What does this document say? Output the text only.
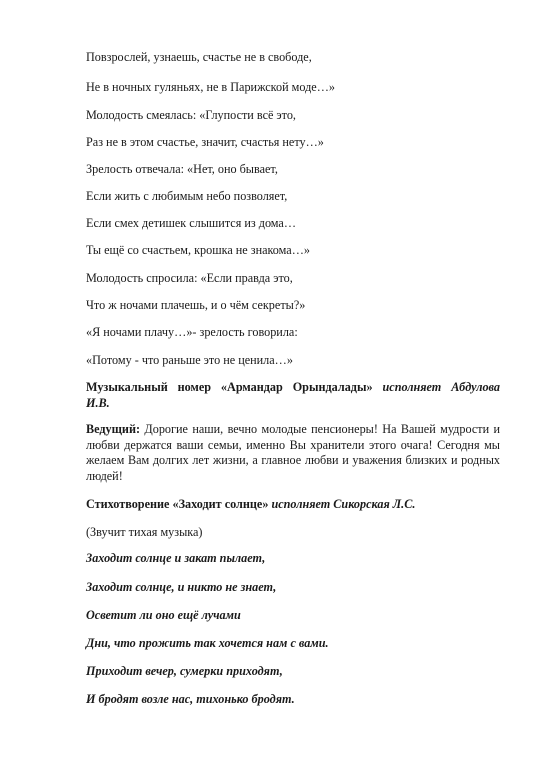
Повзрослей, узнаешь, счастье не в свободе,
Не в ночных гуляньях, не в Парижской моде…»
Молодость смеялась: «Глупости всё это,
Раз не в этом счастье, значит, счастья нету…»
Зрелость отвечала: «Нет, оно бывает,
Если жить с любимым небо позволяет,
Если смех детишек слышится из дома…
Ты ещё со счастьем, крошка не знакома…»
Молодость спросила: «Если правда это,
Что ж ночами плачешь, и о чём секреты?»
«Я ночами плачу…»- зрелость говорила:
«Потому - что раньше это не ценила…»
Музыкальный номер «Армандар Орындалады» исполняет Абдулова
И.В.
Ведущий: Дорогие наши, вечно молодые пенсионеры! На Вашей мудрости и любви держатся ваши семьи, именно Вы хранители этого очага! Сегодня мы желаем Вам долгих лет жизни, а главное любви и уважения близких и родных людей!
Стихотворение «Заходит солнце» исполняет Сикорская Л.С.
(Звучит тихая музыка)
Заходит солнце и закат пылает,
Заходит солнце, и никто не знает,
Осветит ли оно ещё лучами
Дни, что прожить так хочется нам с вами.
Приходит вечер, сумерки приходят,
И бродят возле нас, тихонько бродят.
